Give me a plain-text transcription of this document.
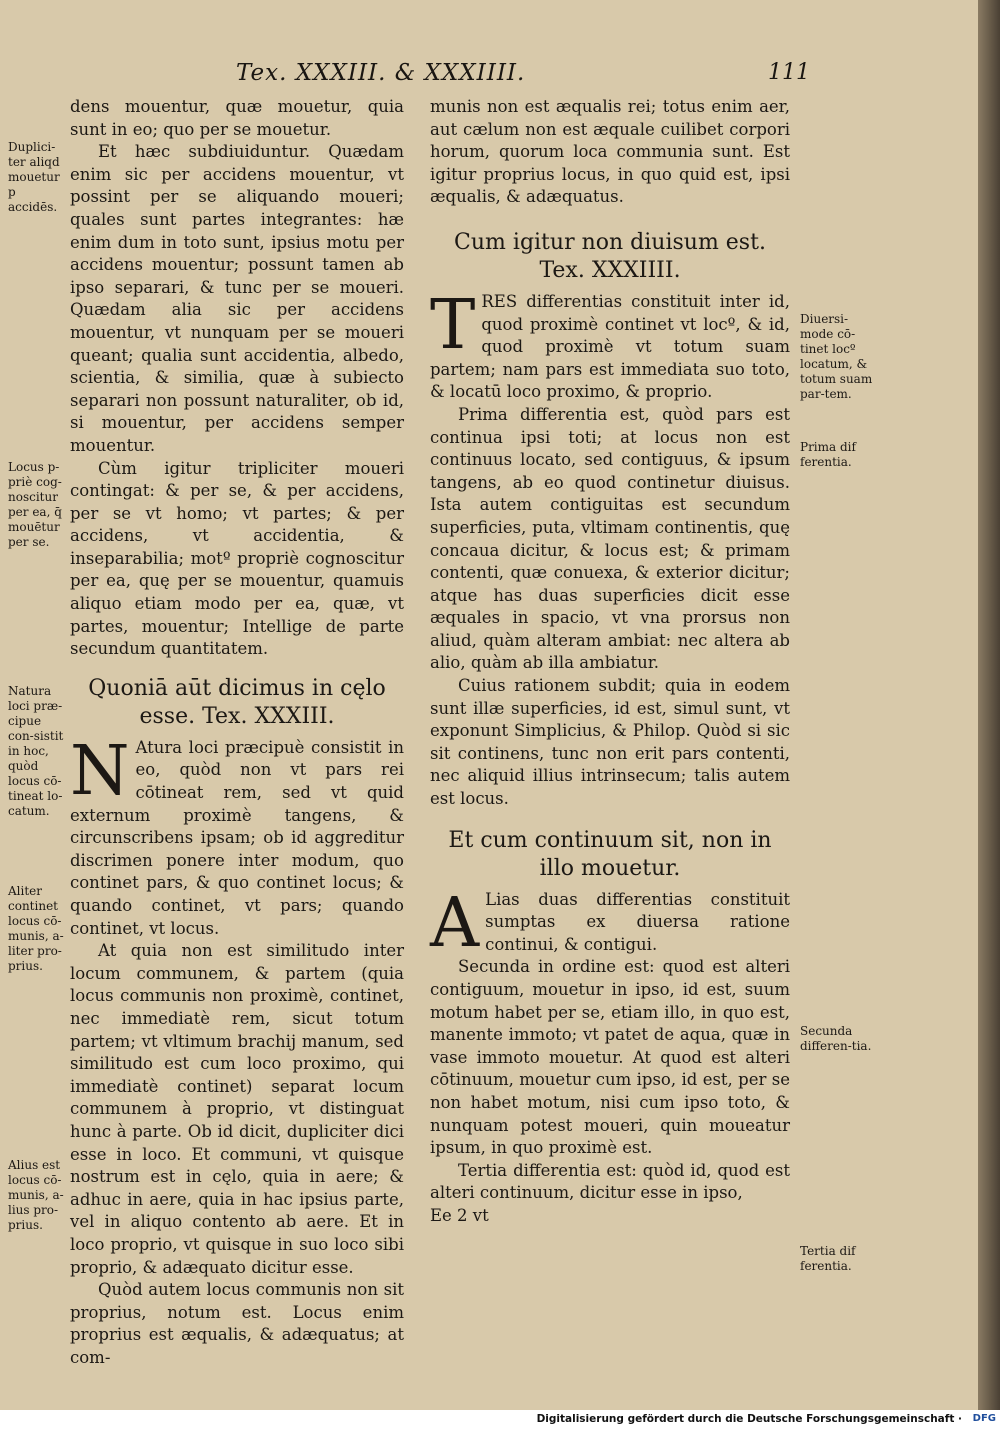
Tex. XXXIII. & XXXIIII.	111

dens mouentur, quæ mouetur, quia sunt in eo; quo per se mouetur.

Et hæc subdiuiduntur. Quædam enim sic per accidens mouentur, vt possint per se aliquando moueri; quales sunt partes integrantes: hæ enim dum in toto sunt, ipsius motu per accidens mouentur; possunt tamen ab ipso separari, & tunc per se moueri. Quædam alia sic per accidens mouentur, vt nunquam per se moueri queant; qualia sunt accidentia, albedo, scientia, & similia, quæ à subiecto separari non possunt naturaliter, ob id, si mouentur, per accidens semper mouentur.

Cùm igitur tripliciter moueri contingat: & per se, & per accidens, per se vt homo; vt partes; & per accidens, vt accidentia, & inseparabilia; motº propriè cognoscitur per ea, quę per se mouentur, quamuis aliquo etiam modo per ea, quæ, vt partes, mouentur; Intellige de parte secundum quantitatem.

Quoniā aūt dicimus in cęlo esse. Tex. XXXIII.

N Atura loci præcipuè consistit in eo, quòd non vt pars rei cōtineat rem, sed vt quid externum proximè tangens, & circunscribens ipsam; ob id aggreditur discrimen ponere inter modum, quo continet pars, & quo continet locus; & quando continet, vt pars; quando continet, vt locus.

At quia non est similitudo inter locum communem, & partem (quia locus communis non proximè, continet, nec immediatè rem, sicut totum partem; vt vltimum brachij manum, sed similitudo est cum loco proximo, qui immediatè continet) separat locum communem à proprio, vt distinguat hunc à parte. Ob id dicit, dupliciter dici esse in loco. Et communi, vt quisque nostrum est in cęlo, quia in aere; & adhuc in aere, quia in hac ipsius parte, vel in aliquo contento ab aere. Et in loco proprio, vt quisque in suo loco sibi proprio, & adæquato dicitur esse.

Quòd autem locus communis non sit proprius, notum est. Locus enim proprius est æqualis, & adæquatus; at com-

munis non est æqualis rei; totus enim aer, aut cælum non est æquale cuilibet corpori horum, quorum loca communia sunt. Est igitur proprius locus, in quo quid est, ipsi æqualis, & adæquatus.

Cum igitur non diuisum est. Tex. XXXIIII.

TRES differentias constituit inter id, quod proximè continet vt locº, & id, quod proximè vt totum suam partem; nam pars est immediata suo toto, & locatū loco proximo, & proprio.

Prima differentia est, quòd pars est continua ipsi toti; at locus non est continuus locato, sed contiguus, & ipsum tangens, ab eo quod continetur diuisus. Ista autem contiguitas est secundum superficies, puta, vltimam continentis, quę concaua dicitur, & locus est; & primam contenti, quæ conuexa, & exterior dicitur; atque has duas superficies dicit esse æquales in spacio, vt vna prorsus non aliud, quàm alteram ambiat: nec altera ab alio, quàm ab illa ambiatur.

Cuius rationem subdit; quia in eodem sunt illæ superficies, id est, simul sunt, vt exponunt Simplicius, & Philop. Quòd si sic sit continens, tunc non erit pars contenti, nec aliquid illius intrinsecum; talis autem est locus.

Et cum continuum sit, non in illo mouetur.

A Lias duas differentias constituit sumptas ex diuersa ratione continui, & contigui.

Secunda in ordine est: quod est alteri contiguum, mouetur in ipso, id est, suum motum habet per se, etiam illo, in quo est, manente immoto; vt patet de aqua, quæ in vase immoto mouetur. At quod est alteri cōtinuum, mouetur cum ipso, id est, per se non habet motum, nisi cum ipso toto, & nunquam potest moueri, quin moueatur ipsum, in quo proximè est.

Tertia differentia est: quòd id, quod est alteri continuum, dicitur esse in ipso,

Ee 2 vt

Duplici-ter aliqd mouetur p accidēs.
Locus p-priè cog-noscitur per ea, q̄ mouētur per se.
Natura loci præ-cipue con-sistit in hoc, quòd locus cō-tineat lo-catum.
Aliter continet locus cō-munis, a-liter pro-prius.
Alius est locus cō-munis, a-lius pro-prius.
Diuersi-mode cō-tinet locº locatum, & totum suam par-tem.
Prima dif ferentia.
Secunda differen-tia.
Tertia dif ferentia.
Digitalisierung gefördert durch die Deutsche Forschungsgemeinschaft · DFG
